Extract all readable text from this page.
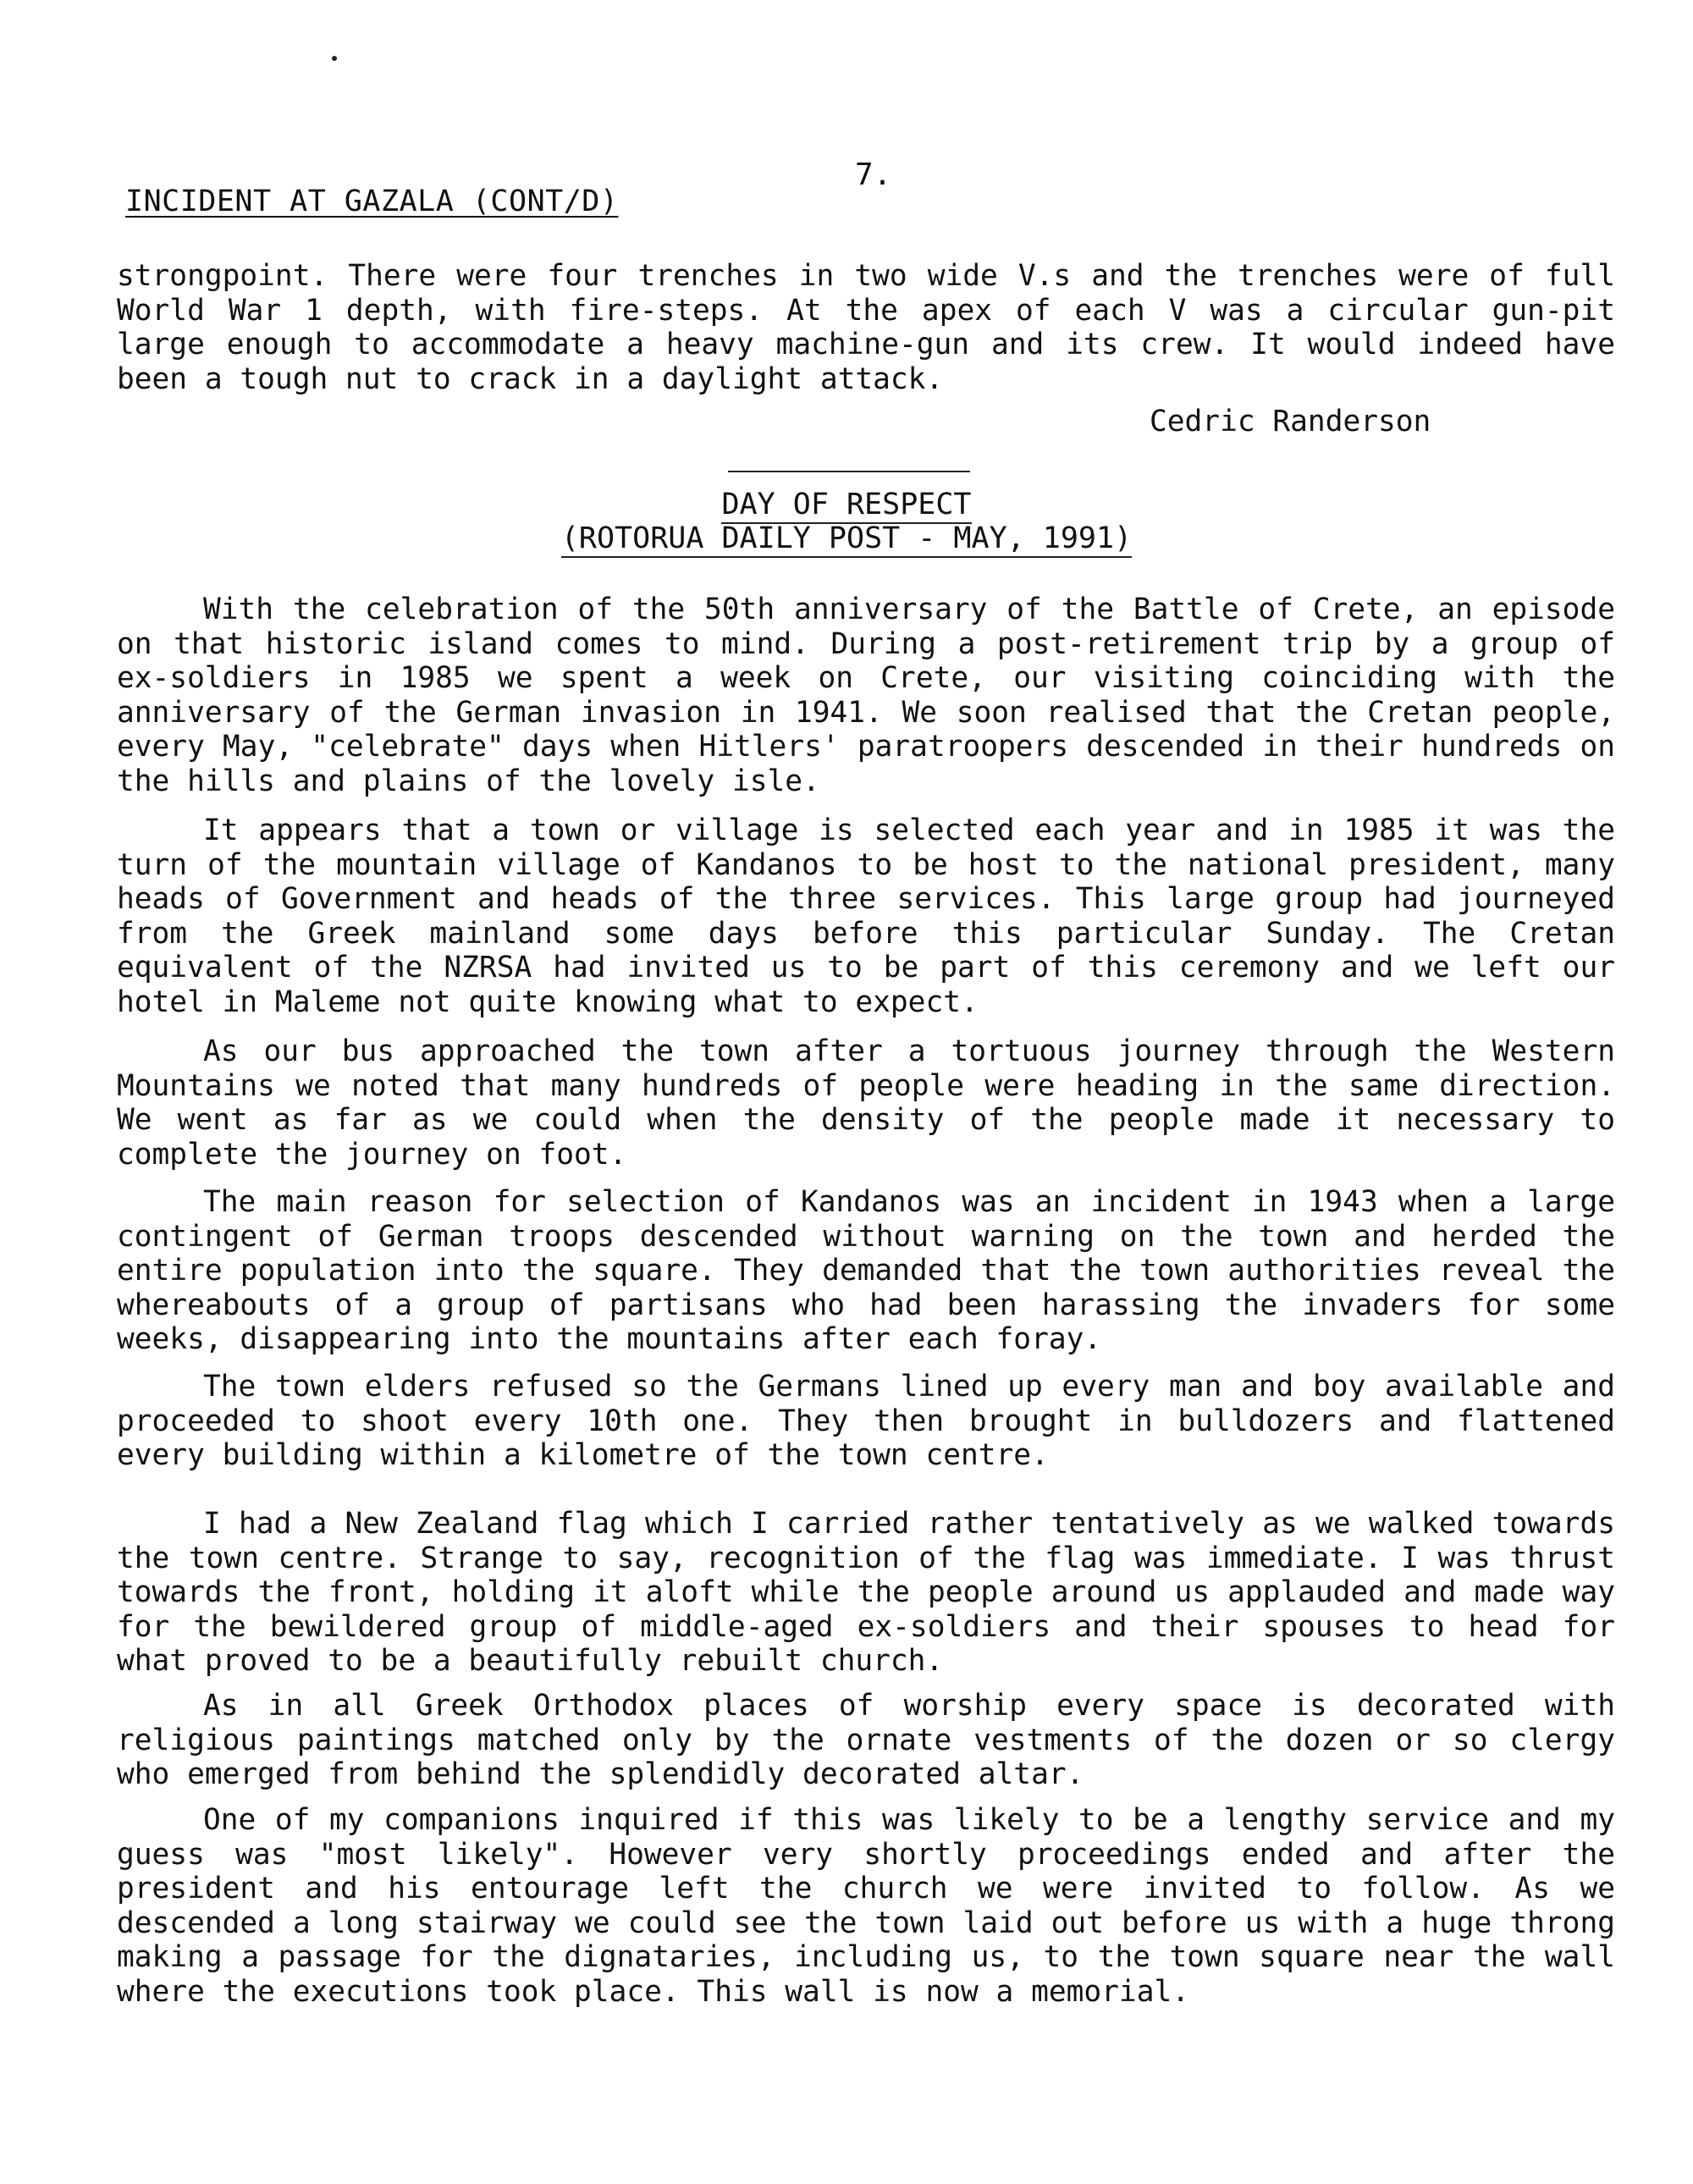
7.
INCIDENT AT GAZALA (CONT/D)

strongpoint. There were four trenches in two wide V.s and the trenches were of full World War 1 depth, with fire-steps. At the apex of each V was a circular gun-pit large enough to accommodate a heavy machine-gun and its crew. It would indeed have been a tough nut to crack in a daylight attack.

Cedric Randerson
DAY OF RESPECT
(ROTORUA DAILY POST - MAY, 1991)

With the celebration of the 50th anniversary of the Battle of Crete, an episode on that historic island comes to mind. During a post-retirement trip by a group of ex-soldiers in 1985 we spent a week on Crete, our visiting coinciding with the anniversary of the German invasion in 1941. We soon realised that the Cretan people, every May, "celebrate" days when Hitlers' paratroopers descended in their hundreds on the hills and plains of the lovely isle.

It appears that a town or village is selected each year and in 1985 it was the turn of the mountain village of Kandanos to be host to the national president, many heads of Government and heads of the three services. This large group had journeyed from the Greek mainland some days before this particular Sunday. The Cretan equivalent of the NZRSA had invited us to be part of this ceremony and we left our hotel in Maleme not quite knowing what to expect.

As our bus approached the town after a tortuous journey through the Western Mountains we noted that many hundreds of people were heading in the same direction. We went as far as we could when the density of the people made it necessary to complete the journey on foot.

The main reason for selection of Kandanos was an incident in 1943 when a large contingent of German troops descended without warning on the town and herded the entire population into the square. They demanded that the town authorities reveal the whereabouts of a group of partisans who had been harassing the invaders for some weeks, disappearing into the mountains after each foray.

The town elders refused so the Germans lined up every man and boy available and proceeded to shoot every 10th one. They then brought in bulldozers and flattened every building within a kilometre of the town centre.

I had a New Zealand flag which I carried rather tentatively as we walked towards the town centre. Strange to say, recognition of the flag was immediate. I was thrust towards the front, holding it aloft while the people around us applauded and made way for the bewildered group of middle-aged ex-soldiers and their spouses to head for what proved to be a beautifully rebuilt church.

As in all Greek Orthodox places of worship every space is decorated with religious paintings matched only by the ornate vestments of the dozen or so clergy who emerged from behind the splendidly decorated altar.

One of my companions inquired if this was likely to be a lengthy service and my guess was "most likely". However very shortly proceedings ended and after the president and his entourage left the church we were invited to follow. As we descended a long stairway we could see the town laid out before us with a huge throng making a passage for the dignataries, including us, to the town square near the wall where the executions took place. This wall is now a memorial.
